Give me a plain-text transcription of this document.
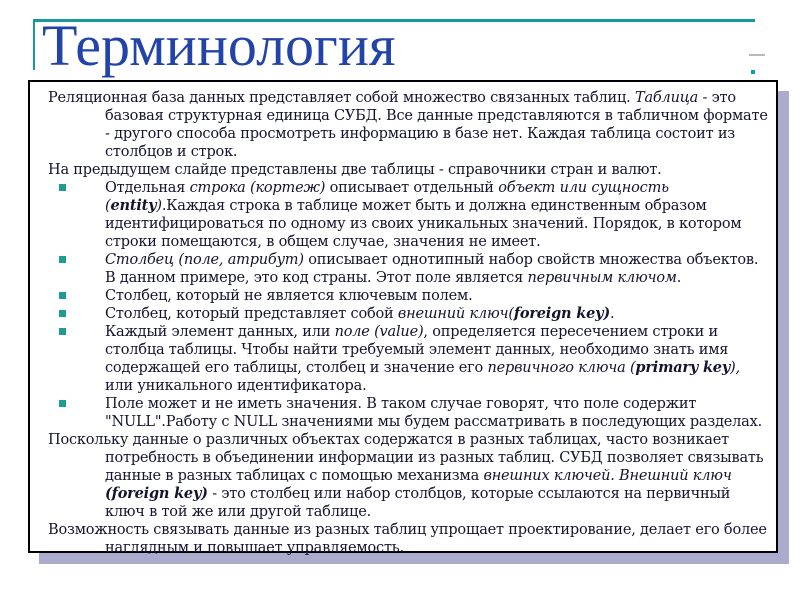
Терминология
Реляционная база данных представляет собой множество связанных таблиц. Таблица - это базовая структурная единица СУБД. Все данные представляются в табличном формате - другого способа просмотреть информацию в базе нет. Каждая таблица состоит из столбцов и строк.
На предыдущем слайде представлены две таблицы - справочники стран и валют.
Отдельная строка (кортеж) описывает отдельный объект или сущность (entity).Каждая строка в таблице может быть и должна единственным образом идентифицироваться по одному из своих уникальных значений. Порядок, в котором строки помещаются, в общем случае, значения не имеет.
Столбец (поле, атрибут) описывает однотипный набор свойств множества объектов. В данном примере, это код страны. Этот поле является первичным ключом.
Столбец, который не является ключевым полем.
Столбец, который представляет собой внешний ключ(foreign key).
Каждый элемент данных, или поле (value), определяется пересечением строки и столбца таблицы. Чтобы найти требуемый элемент данных, необходимо знать имя содержащей его таблицы, столбец и значение его первичного ключа (primary key), или уникального идентификатора.
Поле может и не иметь значения. В таком случае говорят, что поле содержит "NULL".Работу с NULL значениями мы будем рассматривать в последующих разделах.
Поскольку данные о различных объектах содержатся в разных таблицах, часто возникает потребность в объединении информации из разных таблиц. СУБД позволяет связывать данные в разных таблицах с помощью механизма внешних ключей. Внешний ключ (foreign key) - это столбец или набор столбцов, которые ссылаются на первичный ключ в той же или другой таблице.
Возможность связывать данные из разных таблиц упрощает проектирование, делает его более наглядным и повышает управляемость.
